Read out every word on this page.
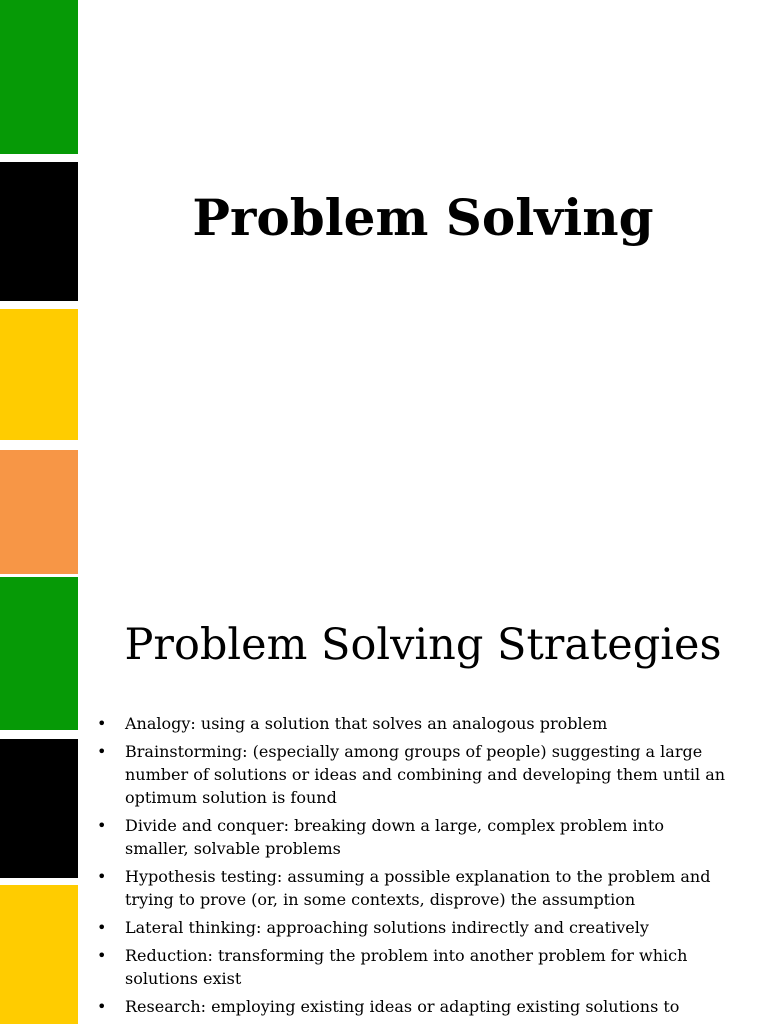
Problem Solving
Problem Solving Strategies
• Analogy: using a solution that solves an analogous problem
• Brainstorming: (especially among groups of people) suggesting a large number of solutions or ideas and combining and developing them until an optimum solution is found
• Divide and conquer: breaking down a large, complex problem into smaller, solvable problems
• Hypothesis testing: assuming a possible explanation to the problem and trying to prove (or, in some contexts, disprove) the assumption
• Lateral thinking: approaching solutions indirectly and creatively
• Reduction: transforming the problem into another problem for which solutions exist
• Research: employing existing ideas or adapting existing solutions to
